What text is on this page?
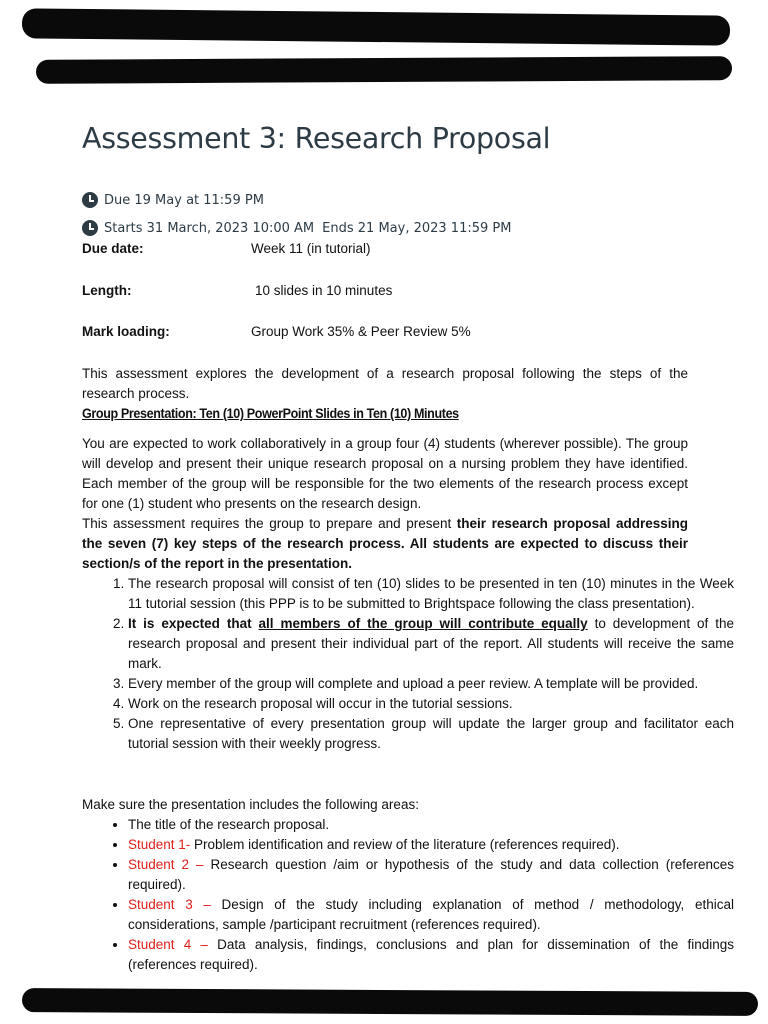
Assessment 3: Research Proposal
Due 19 May at 11:59 PM
Starts 31 March, 2023 10:00 AM Ends 21 May, 2023 11:59 PM
Due date:	Week 11 (in tutorial)
Length:	10 slides in 10 minutes
Mark loading:	Group Work 35% & Peer Review 5%

This assessment explores the development of a research proposal following the steps of the research process.

Group Presentation: Ten (10) PowerPoint Slides in Ten (10) Minutes

You are expected to work collaboratively in a group four (4) students (wherever possible). The group will develop and present their unique research proposal on a nursing problem they have identified. Each member of the group will be responsible for the two elements of the research process except for one (1) student who presents on the research design.

This assessment requires the group to prepare and present their research proposal addressing the seven (7) key steps of the research process. All students are expected to discuss their section/s of the report in the presentation.

1. The research proposal will consist of ten (10) slides to be presented in ten (10) minutes in the Week 11 tutorial session (this PPP is to be submitted to Brightspace following the class presentation).
2. It is expected that all members of the group will contribute equally to development of the research proposal and present their individual part of the report. All students will receive the same mark.
3. Every member of the group will complete and upload a peer review. A template will be provided.
4. Work on the research proposal will occur in the tutorial sessions.
5. One representative of every presentation group will update the larger group and facilitator each tutorial session with their weekly progress.

Make sure the presentation includes the following areas:

• The title of the research proposal.
• Student 1- Problem identification and review of the literature (references required).
• Student 2 – Research question /aim or hypothesis of the study and data collection (references required).
• Student 3 – Design of the study including explanation of method / methodology, ethical considerations, sample /participant recruitment (references required).
• Student 4 – Data analysis, findings, conclusions and plan for dissemination of the findings (references required).
